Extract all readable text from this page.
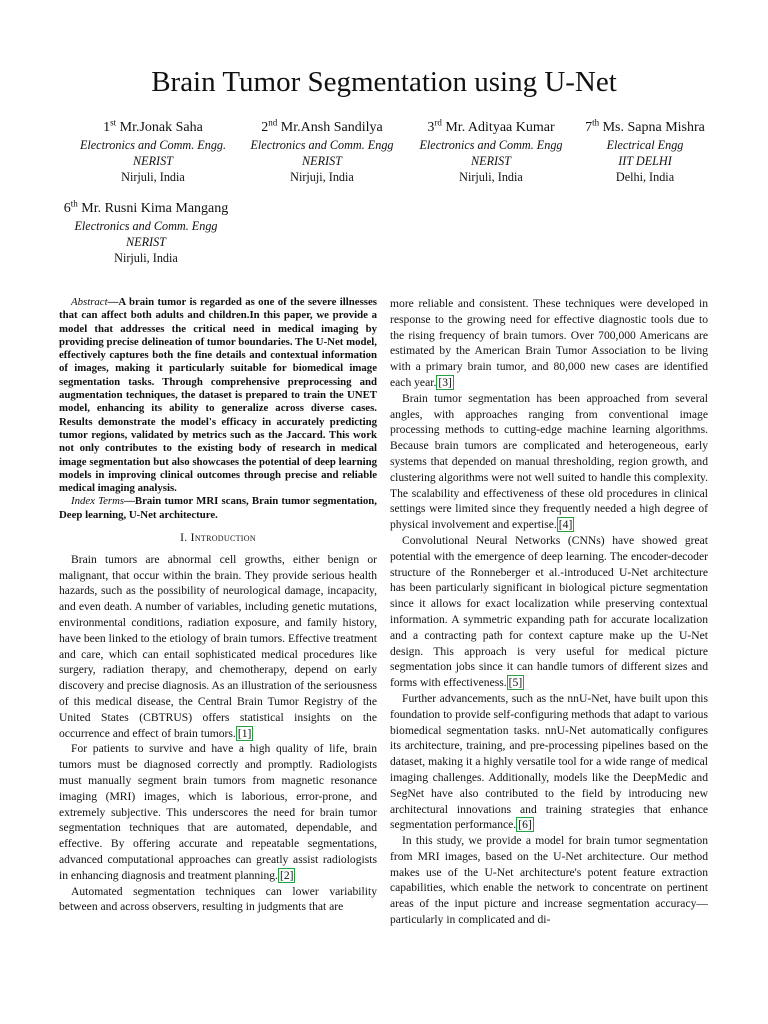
Brain Tumor Segmentation using U-Net
1st Mr.Jonak Saha
Electronics and Comm. Engg.
NERIST
Nirjuli, India
2nd Mr.Ansh Sandilya
Electronics and Comm. Engg
NERIST
Nirjuji, India
3rd Mr. Adityaa Kumar
Electronics and Comm. Engg
NERIST
Nirjuli, India
7th Ms. Sapna Mishra
Electrical Engg
IIT DELHI
Delhi, India
6th Mr. Rusni Kima Mangang
Electronics and Comm. Engg
NERIST
Nirjuli, India

Abstract—A brain tumor is regarded as one of the severe illnesses that can affect both adults and children.In this paper, we provide a model that addresses the critical need in medical imaging by providing precise delineation of tumor boundaries. The U-Net model, effectively captures both the fine details and contextual information of images, making it particularly suitable for biomedical image segmentation tasks. Through comprehensive preprocessing and augmentation techniques, the dataset is prepared to train the UNET model, enhancing its ability to generalize across diverse cases. Results demonstrate the model's efficacy in accurately predicting tumor regions, validated by metrics such as the Jaccard. This work not only contributes to the existing body of research in medical image segmentation but also showcases the potential of deep learning models in improving clinical outcomes through precise and reliable medical imaging analysis.

Index Terms—Brain tumor MRI scans, Brain tumor segmentation, Deep learning, U-Net architecture.

I. Introduction

Brain tumors are abnormal cell growths, either benign or malignant, that occur within the brain. They provide serious health hazards, such as the possibility of neurological damage, incapacity, and even death. A number of variables, including genetic mutations, environmental conditions, radiation exposure, and family history, have been linked to the etiology of brain tumors. Effective treatment and care, which can entail sophisticated medical procedures like surgery, radiation therapy, and chemotherapy, depend on early discovery and precise diagnosis. As an illustration of the seriousness of this medical disease, the Central Brain Tumor Registry of the United States (CBTRUS) offers statistical insights on the occurrence and effect of brain tumors. [1]

For patients to survive and have a high quality of life, brain tumors must be diagnosed correctly and promptly. Radiologists must manually segment brain tumors from magnetic resonance imaging (MRI) images, which is laborious, error-prone, and extremely subjective. This underscores the need for brain tumor segmentation techniques that are automated, dependable, and effective. By offering accurate and repeatable segmentations, advanced computational approaches can greatly assist radiologists in enhancing diagnosis and treatment planning. [2]

Automated segmentation techniques can lower variability between and across observers, resulting in judgments that are

more reliable and consistent. These techniques were developed in response to the growing need for effective diagnostic tools due to the rising frequency of brain tumors. Over 700,000 Americans are estimated by the American Brain Tumor Association to be living with a primary brain tumor, and 80,000 new cases are identified each year. [3]

Brain tumor segmentation has been approached from several angles, with approaches ranging from conventional image processing methods to cutting-edge machine learning algorithms. Because brain tumors are complicated and heterogeneous, early systems that depended on manual thresholding, region growth, and clustering algorithms were not well suited to handle this complexity. The scalability and effectiveness of these old procedures in clinical settings were limited since they frequently needed a high degree of physical involvement and expertise. [4]

Convolutional Neural Networks (CNNs) have showed great potential with the emergence of deep learning. The encoder-decoder structure of the Ronneberger et al.-introduced U-Net architecture has been particularly significant in biological picture segmentation since it allows for exact localization while preserving contextual information. A symmetric expanding path for accurate localization and a contracting path for context capture make up the U-Net design. This approach is very useful for medical picture segmentation jobs since it can handle tumors of different sizes and forms with effectiveness. [5]

Further advancements, such as the nnU-Net, have built upon this foundation to provide self-configuring methods that adapt to various biomedical segmentation tasks. nnU-Net automatically configures its architecture, training, and pre-processing pipelines based on the dataset, making it a highly versatile tool for a wide range of medical imaging challenges. Additionally, models like the DeepMedic and SegNet have also contributed to the field by introducing new architectural innovations and training strategies that enhance segmentation performance. [6]

In this study, we provide a model for brain tumor segmentation from MRI images, based on the U-Net architecture. Our method makes use of the U-Net architecture's potent feature extraction capabilities, which enable the network to concentrate on pertinent areas of the input picture and increase segmentation accuracy—particularly in complicated and di-
